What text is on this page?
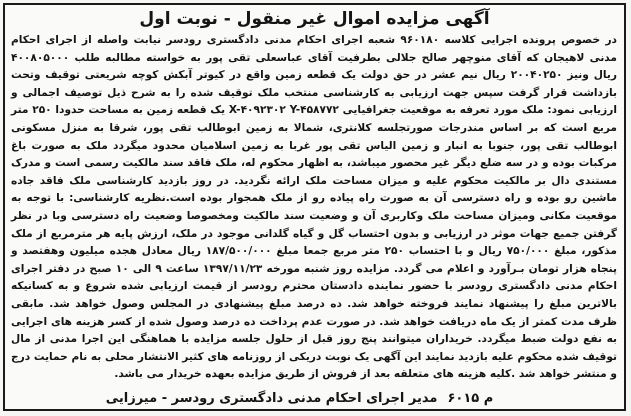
آگهی مزایده اموال غیر منقول - نوبت اول

در خصوص پرونده اجرایی کلاسه ۹۶۰۱۸۰ شعبه اجرای احکام مدنی دادگستری رودسر نیابت واصله از اجرای احکام مدنی لاهیجان که آقای منوچهر صالح جلالی بطرفیت آقای عباسعلی تقی پور به خواسته مطالبه طلب ۴۰۰۸۰۵۰۰۰ ریال ونیز ۲۰۰۴۰۲۵۰ ریال نیم عشر در حق دولت یک قطعه زمین واقع در کیوتر آبکش کوچه شریعتی توقیف وتحت بازداشت قرار گرفت سپس جهت ارزیابی به کارشناسی منتخب ملک توقیف شده را به شرح ذیل توصیف اجمالی و ارزیابی نمود: ملک مورد تعرفه به موقعیت جغرافیایی X-۴۰۹۲۳۰۲ Y-۴۵۸۷۷۲ یک قطعه زمین به مساحت حدودا ۲۵۰ متر مربع است که بر اساس مندرجات صورتجلسه کلانتری، شمالا به زمین ابوطالب تقی پور، شرقا به منزل مسکونی ابوطالب تقی پور، جنوبا به انبار و زمین الیاس تقی پور غربا به زمین اسلامیان محدود میگردد ملک به صورت باغ مرکبات بوده و در سه ضلع دیگر غیر محصور میباشد، به اظهار محکوم له، ملک فاقد سند مالکیت رسمی است و مدرک مستندی دال بر مالکیت محکوم علیه و میزان مساحت ملک ارائه نگردید. در روز بازدید کارشناسی ملک فاقد جاده ماشین رو بوده و راه دسترسی آن به صورت راه پیاده رو از ملک همجوار بوده است.نظریه کارشناسی: با توجه به موقعیت مکانی ومیزان مساحت ملک وکاربری آن و وضعیت سند مالکیت ومخصوصا وضعیت راه دسترسی وبا در نظر گرفتن جمیع جهات موثر در ارزیابی و بدون احتساب گل و گیاه گلدانی موجود در ملک، ارزش پایه هر مترمربع از ملک مذکور، مبلغ ۷۵۰/۰۰۰ ریال و با احتساب ۲۵۰ متر مربع جمعا مبلغ ۱۸۷/۵۰۰/۰۰۰ ریال معادل هجده میلیون وهفتصد و پنجاه هزار تومان بـرآورد و اعلام می گردد. مزایده روز شنبه مورخه ۱۳۹۷/۱۱/۲۳ ساعت ۹ الی ۱۰ صبح در دفتر اجرای احکام مدنی دادگستری رودسر با حضور نماینده دادستان محترم رودسر از قیمت ارزیابی شده شروع و به کسانیکه بالاترین مبلغ را پیشنهاد نمایند فروخته خواهد شد. ده درصد مبلغ پیشنهادی در المجلس وصول خواهد شد. مابقی ظرف مدت کمتر از یک ماه دریافت خواهد شد. در صورت عدم پرداخت ده درصد وصول شده از کسر هزینه های اجرایی به نفع دولت ضبط میگردد. خریداران میتوانند پنج روز قبل از حلول جلسه مزایده با هماهنگی این اجرا مدنی از مال توقیف شده محکوم علیه بازدید نمایند این آگهی یک نوبت دریکی از روزنامه های کثیر الانتشار محلی به نام حمایت درج و منتشر خواهد شد .کلیه هزینه های متعلقه بعد از فروش از طریق مزایده بعهده خریدار می باشد.

م ۶۰۱۵
مدیر اجرای احکام مدنی دادگستری رودسر - میرزایی
